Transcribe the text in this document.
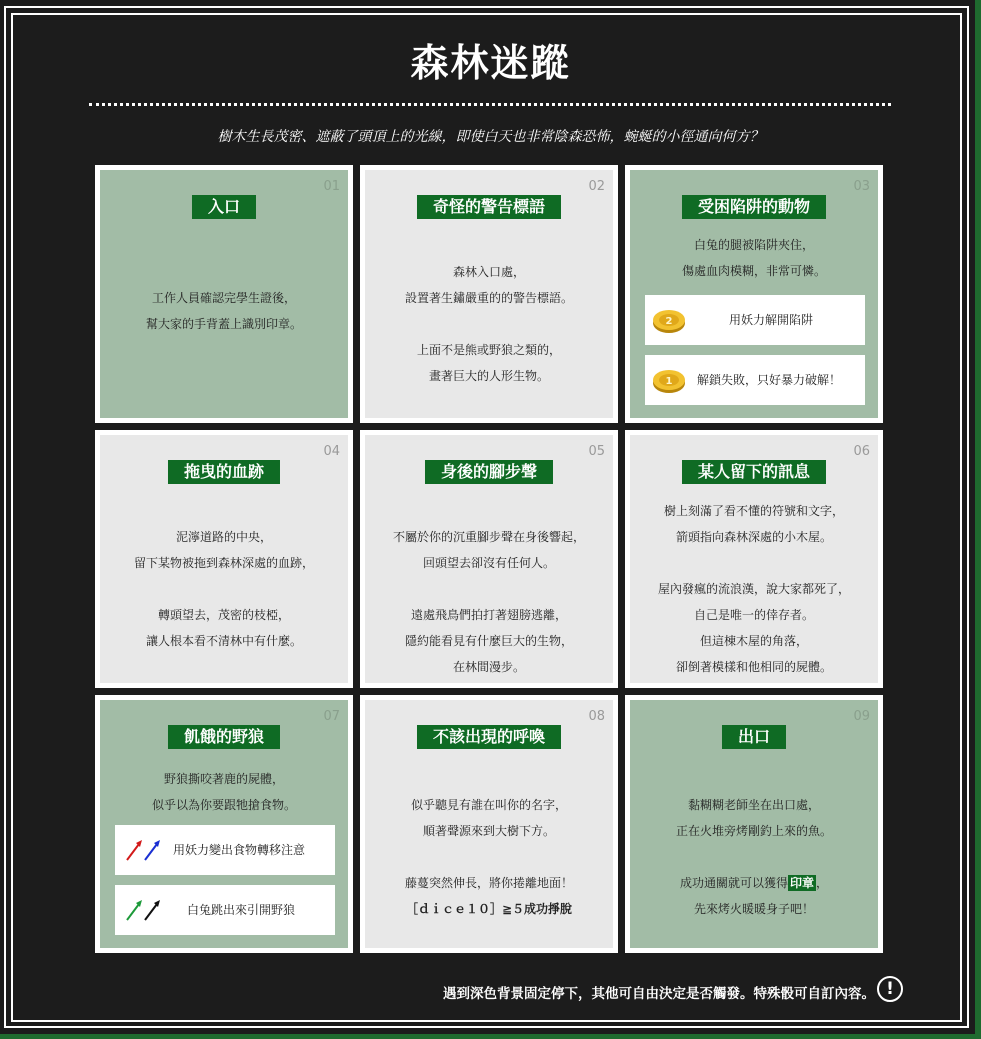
森林迷蹤
樹木生長茂密、遮蔽了頭頂上的光線，即使白天也非常陰森恐怖，蜿蜒的小徑通向何方？
01
入口
工作人員確認完學生證後，
幫大家的手背蓋上識別印章。
02
奇怪的警告標語
森林入口處，
設置著生鏽嚴重的的警告標語。
上面不是熊或野狼之類的，
畫著巨大的人形生物。
03
受困陷阱的動物
白兔的腿被陷阱夾住，
傷處血肉模糊，非常可憐。
2	用妖力解開陷阱
1 解鎖失敗，只好暴力破解！
04
拖曳的血跡
泥濘道路的中央，
留下某物被拖到森林深處的血跡，
轉頭望去，茂密的枝椏，
讓人根本看不清林中有什麼。
05
身後的腳步聲
不屬於你的沉重腳步聲在身後響起，
回頭望去卻沒有任何人。
遠處飛鳥們拍打著翅膀逃離，
隱約能看見有什麼巨大的生物，
在林間漫步。
06
某人留下的訊息
樹上刻滿了看不懂的符號和文字，
箭頭指向森林深處的小木屋。
屋內發瘋的流浪漢，說大家都死了，
自己是唯一的倖存者。
但這棟木屋的角落，
卻倒著模樣和他相同的屍體。
07
飢餓的野狼
野狼撕咬著鹿的屍體，
似乎以為你要跟牠搶食物。
用妖力變出食物轉移注意
白兔跳出來引開野狼
08
不該出現的呼喚
似乎聽見有誰在叫你的名字，
順著聲源來到大樹下方。
藤蔓突然伸長，將你捲離地面！
［ｄｉｃｅ１０］≧５成功掙脫
09
出口
黏糊糊老師坐在出口處，
正在火堆旁烤剛釣上來的魚。
成功通關就可以獲得 印章 ，
先來烤火暖暖身子吧！
遇到深色背景固定停下，其他可自由決定是否觸發。特殊骰可自訂內容。 !
